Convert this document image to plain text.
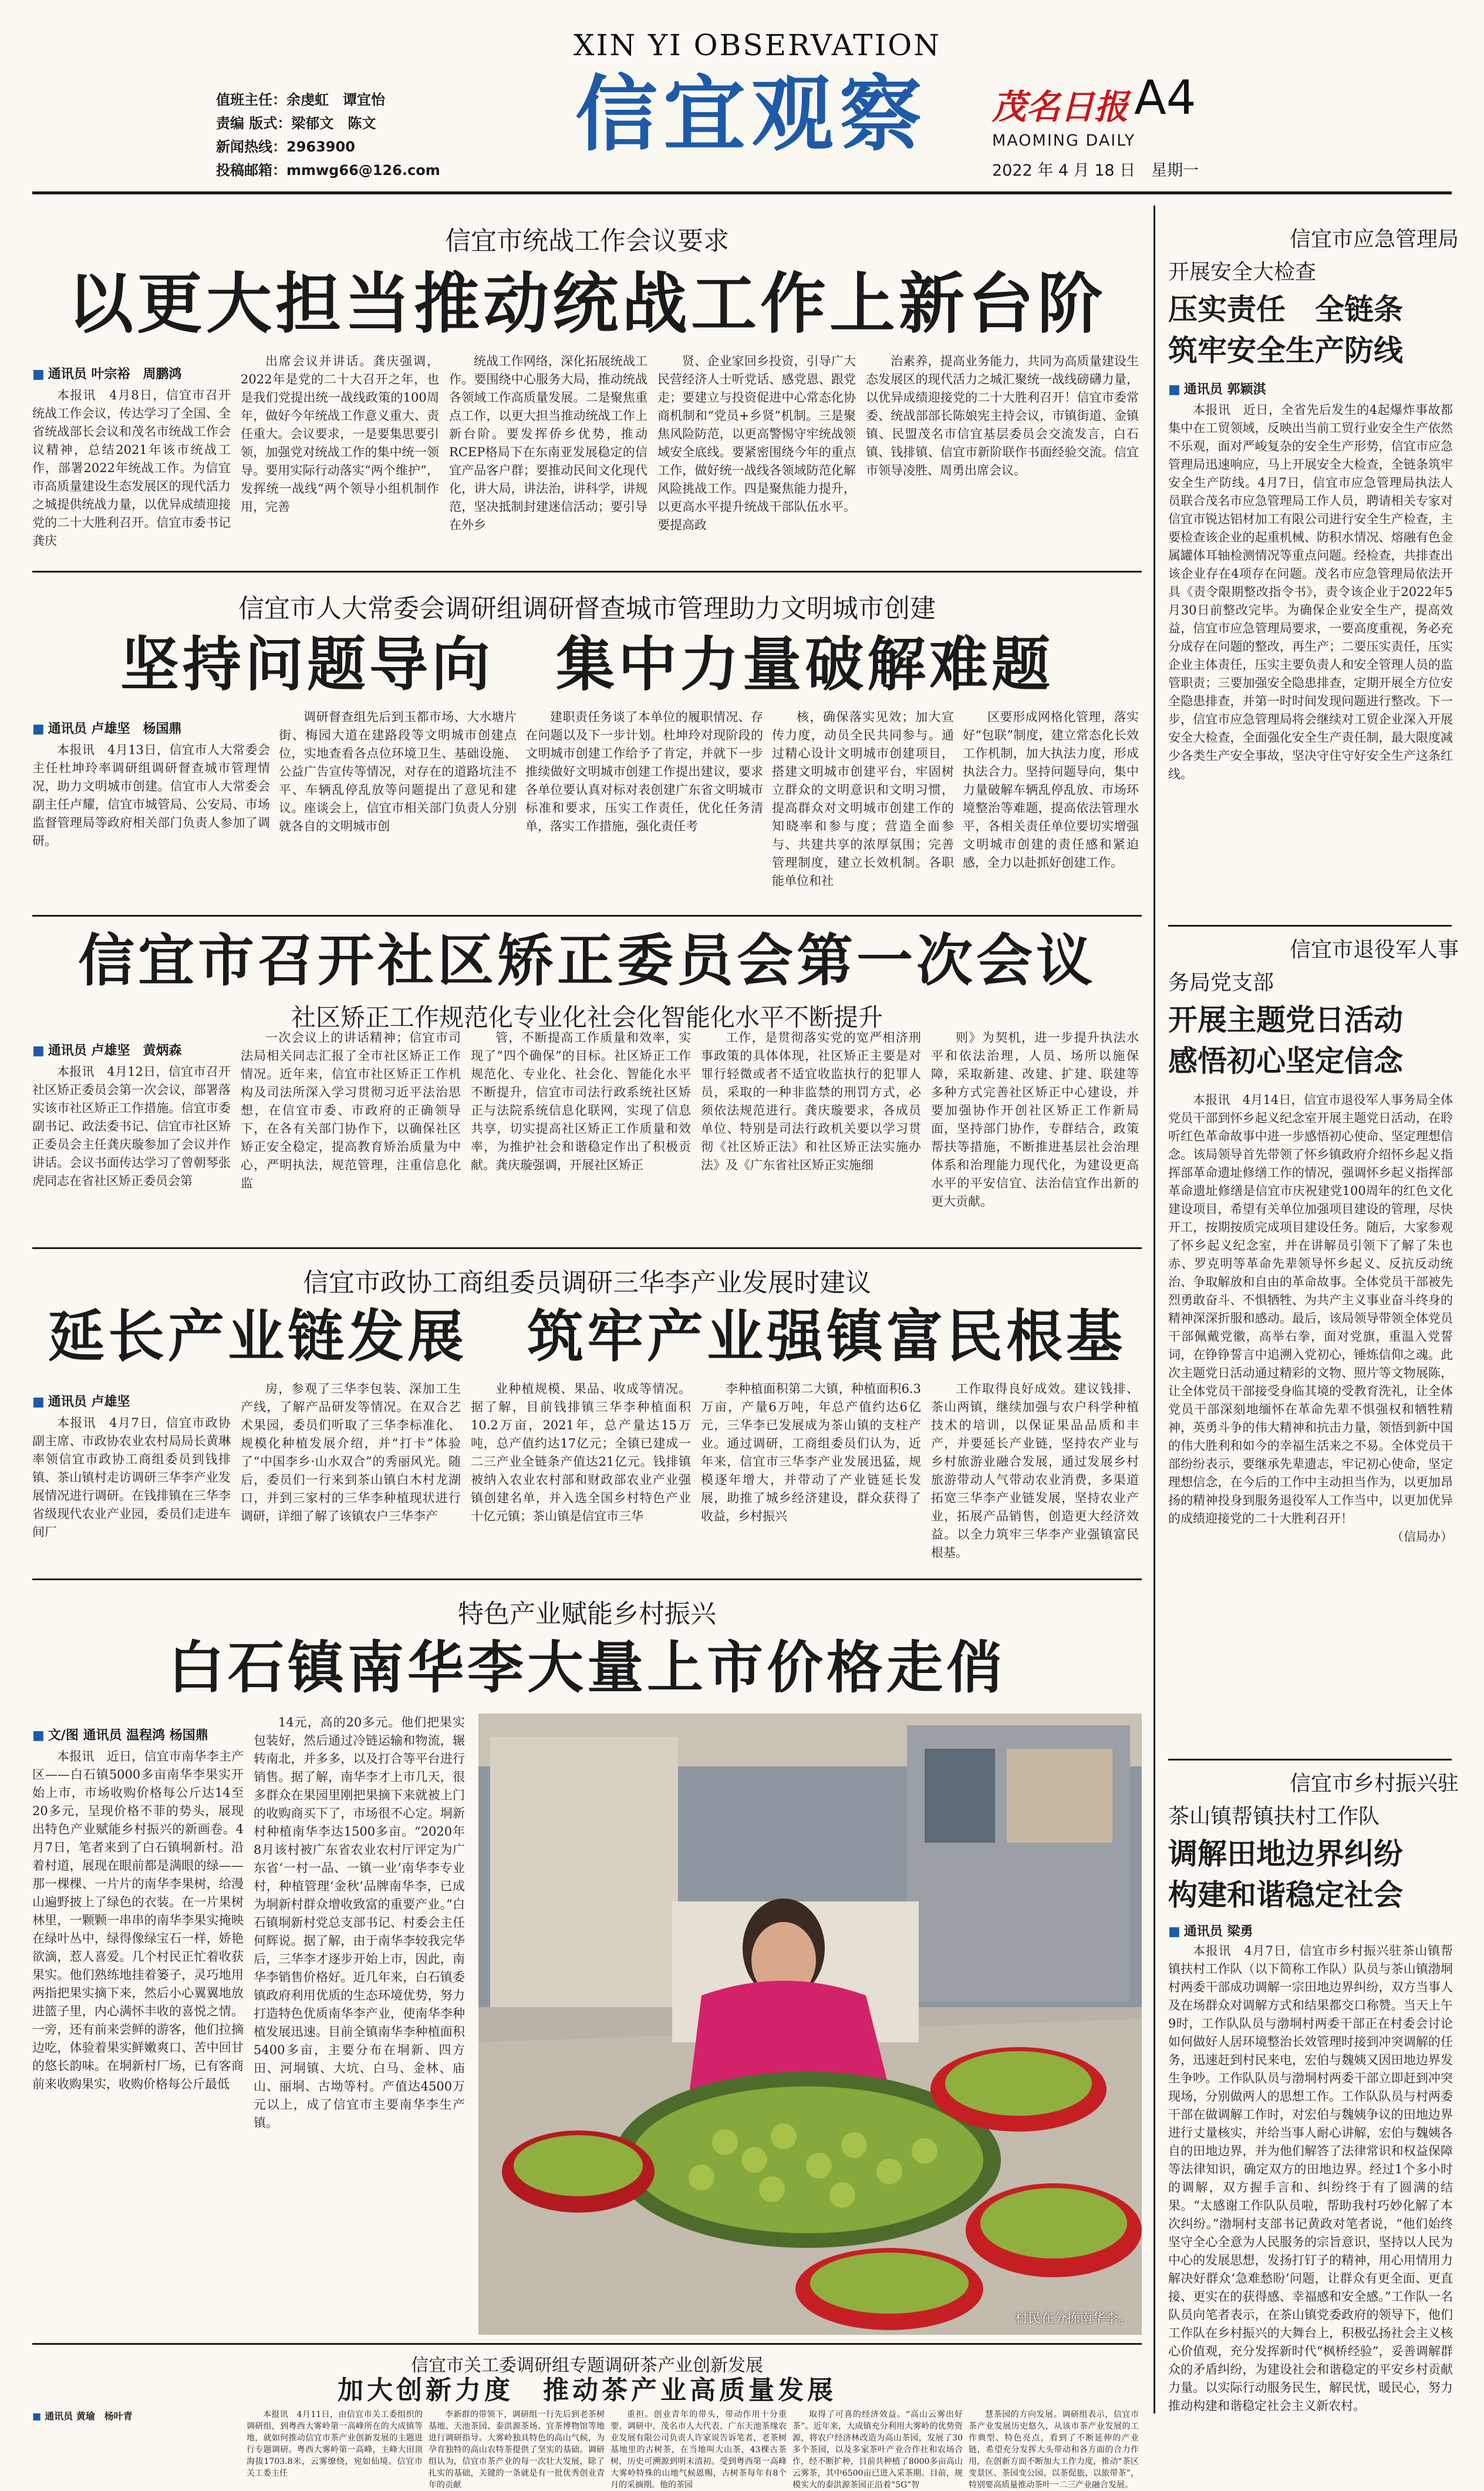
值班主任：余虔虹　谭宜怡
责编 版式：梁郁文　陈文
新闻热线：2963900
投稿邮箱：mmwg66@126.com
XIN YI OBSERVATION
信宜观察	茂名日报 A4
MAOMING DAILY
2022 年 4 月 18 日　星期一
信宜市统战工作会议要求
以更大担当推动统战工作上新台阶
■ 通讯员 叶宗裕　周鹏鸿

本报讯　4月8日，信宜市召开统战工作会议，传达学习了全国、全省统战部长会议和茂名市统战工作会议精神，总结2021年该市统战工作，部署2022年统战工作。为信宜市高质量建设生态发展区的现代活力之城提供统战力量，以优异成绩迎接党的二十大胜利召开。信宜市委书记龚庆

出席会议并讲话。龚庆强调，2022年是党的二十大召开之年，也是我们党提出统一战线政策的100周年，做好今年统战工作意义重大、责任重大。会议要求，一是要集思要引领，加强党对统战工作的集中统一领导。要用实际行动落实“两个维护”，发挥统一战线“两个领导小组机制作用，完善

统战工作网络，深化拓展统战工作。要围绕中心服务大局，推动统战各领域工作高质量发展。二是聚焦重点工作，以更大担当推动统战工作上新台阶。要发挥侨乡优势，推动RCEP格局下在东南亚发展稳定的信宜产品客户群；要推动民间文化现代化，讲大局，讲法治，讲科学，讲规范，坚决抵制封建迷信活动；要引导在外乡

贤、企业家回乡投资，引导广大民营经济人士听党话、感党恩、跟党走；要建立与投资促进中心常态化协商机制和“党员+乡贤”机制。三是聚焦风险防范，以更高警惕守牢统战领域安全底线。要紧密围绕今年的重点工作，做好统一战线各领域防范化解风险挑战工作。四是聚焦能力提升，以更高水平提升统战干部队伍水平。要提高政

治素养，提高业务能力，共同为高质量建设生态发展区的现代活力之城汇聚统一战线磅礴力量，以优异成绩迎接党的二十大胜利召开！信宜市委常委、统战部部长陈娘宪主持会议，市镇街道、金镇镇、民盟茂名市信宜基层委员会交流发言，白石镇、钱排镇、信宜市新阶联作书面经验交流。信宜市领导凌胜、周勇出席会议。

信宜市人大常委会调研组调研督查城市管理助力文明城市创建
坚持问题导向　集中力量破解难题
■ 通讯员 卢雄坚　杨国鼎

本报讯　4月13日，信宜市人大常委会主任杜坤玲率调研组调研督查城市管理情况，助力文明城市创建。信宜市人大常委会副主任卢耀，信宜市城管局、公安局、市场监督管理局等政府相关部门负责人参加了调研。

调研督查组先后到玉都市场、大水塘片街、梅园大道在建路段等文明城市创建点位，实地查看各点位环境卫生、基础设施、公益广告宣传等情况，对存在的道路坑洼不平、车辆乱停乱放等问题提出了意见和建议。座谈会上，信宜市相关部门负责人分别就各自的文明城市创

建职责任务谈了本单位的履职情况、存在问题以及下一步计划。杜坤玲对现阶段的文明城市创建工作给予了肯定，并就下一步推续做好文明城市创建工作提出建议，要求各单位要认真对标对表创建广东省文明城市标准和要求，压实工作责任，优化任务清单，落实工作措施，强化责任考

核，确保落实见效；加大宣传力度，动员全民共同参与。通过精心设计文明城市创建项目，搭建文明城市创建平台，牢固树立群众的文明意识和文明习惯，提高群众对文明城市创建工作的知晓率和参与度；营造全面参与、共建共享的浓厚氛围；完善管理制度，建立长效机制。各职能单位和社

区要形成网格化管理，落实好“包联”制度，建立常态化长效工作机制，加大执法力度，形成执法合力。坚持问题导向，集中力量破解车辆乱停乱放、市场环境整治等难题，提高依法管理水平，各相关责任单位要切实增强文明城市创建的责任感和紧迫感，全力以赴抓好创建工作。

信宜市召开社区矫正委员会第一次会议
社区矫正工作规范化专业化社会化智能化水平不断提升
■ 通讯员 卢雄坚　黄炳森

本报讯　4月12日，信宜市召开社区矫正委员会第一次会议，部署落实该市社区矫正工作措施。信宜市委副书记、政法委书记、信宜市社区矫正委员会主任龚庆璇参加了会议并作讲话。会议书面传达学习了曾朝琴张虎同志在省社区矫正委员会第

一次会议上的讲话精神；信宜市司法局相关同志汇报了全市社区矫正工作情况。近年来，信宜市社区矫正工作机构及司法所深入学习贯彻习近平法治思想，在信宜市委、市政府的正确领导下，在各有关部门协作下，以确保社区矫正安全稳定，提高教育矫治质量为中心，严明执法，规范管理，注重信息化监

管，不断提高工作质量和效率，实现了“四个确保”的目标。社区矫正工作规范化、专业化、社会化、智能化水平不断提升，信宜市司法行政系统社区矫正与法院系统信息化联网，实现了信息共享，切实提高社区矫正工作质量和效率，为推护社会和谐稳定作出了积极贡献。龚庆璇强调，开展社区矫正

工作，是贯彻落实党的宽严相济刑事政策的具体体现，社区矫正主要是对罪行轻微或者不适宜收监执行的犯罪人员，采取的一种非监禁的刑罚方式，必须依法规范进行。龚庆璇要求，各成员单位、特别是司法行政机关要以学习贯彻《社区矫正法》和社区矫正法实施办法》及《广东省社区矫正实施细

则》为契机，进一步提升执法水平和依法治理，人员、场所以施保障，采取新建、改建、扩建、联建等多种方式完善社区矫正中心建设，并要加强协作开创社区矫正工作新局面，坚持部门协作，专群结合，政策帮扶等措施，不断推进基层社会治理体系和治理能力现代化，为建设更高水平的平安信宜、法治信宜作出新的更大贡献。

信宜市政协工商组委员调研三华李产业发展时建议
延长产业链发展　筑牢产业强镇富民根基
■ 通讯员 卢雄坚

本报讯　4月7日，信宜市政协副主席、市政协农业农村局局长黄琳率领信宜市政协工商组委员到钱排镇、茶山镇村走访调研三华李产业发展情况进行调研。在钱排镇在三华李省级现代农业产业园，委员们走进车间厂

房，参观了三华李包装、深加工生产线，了解产品研发等情况。在双合艺术果园，委员们听取了三华李标准化、规模化种植发展介绍，并“打卡”体验了“中国李乡·山水双合”的秀丽风光。随后，委员们一行来到茶山镇白木村龙湖口，并到三家村的三华李种植现状进行调研，详细了解了该镇农户三华李产

业种植规模、果品、收成等情况。据了解，目前钱排镇三华李种植面积10.2万亩，2021年，总产量达15万吨，总产值约达17亿元；全镇已建成一二三产业全链条产值达21亿元。钱排镇被纳入农业农村部和财政部农业产业强镇创建名单，并入选全国乡村特色产业十亿元镇；茶山镇是信宜市三华

李种植面积第二大镇，种植面积6.3万亩，产量6万吨，年总产值约达6亿元，三华李已发展成为茶山镇的支柱产业。通过调研，工商组委员们认为，近年来，信宜市三华李产业发展迅猛，规模逐年增大，并带动了产业链延长发展，助推了城乡经济建设，群众获得了收益，乡村振兴

工作取得良好成效。建议钱排、茶山两镇，继续加强与农户科学种植技术的培训，以保证果品品质和丰产，并要延长产业链，坚持农产业与乡村旅游业融合发展，通过发展乡村旅游带动人气带动农业消费，多渠道拓宽三华李产业链发展，坚持农业产业，拓展产品销售，创造更大经济效益。以全力筑牢三华李产业强镇富民根基。

特色产业赋能乡村振兴
白石镇南华李大量上市价格走俏
■ 文/图 通讯员 温程鸿 杨国鼎

本报讯　近日，信宜市南华李主产区——白石镇5000多亩南华李果实开始上市，市场收购价格每公斤达14至20多元，呈现价格不菲的势头，展现出特色产业赋能乡村振兴的新画卷。4月7日，笔者来到了白石镇垌新村。沿着村道，展现在眼前都是满眼的绿——那一棵棵、一片片的南华李果树，给漫山遍野披上了绿色的衣装。在一片果树林里，一颗颗一串串的南华李果实掩映在绿叶丛中，绿得像绿宝石一样，娇艳欲滴，惹人喜爱。几个村民正忙着收获果实。他们熟练地挂着篓子，灵巧地用两指把果实摘下来，然后小心翼翼地放进篮子里，内心满怀丰收的喜悦之情。一旁，还有前来尝鲜的游客，他们拉摘边吃，体验着果实鲜嫩爽口、苦中回甘的悠长韵味。在垌新村厂场，已有客商前来收购果实，收购价格每公斤最低

14元，高的20多元。他们把果实包装好，然后通过冷链运输和物流，辗转南北，并多多，以及打合等平台进行销售。据了解，南华李才上市几天，很多群众在果园里刚把果摘下来就被上门的收购商买下了，市场很不心定。垌新村种植南华李达1500多亩。“2020年8月该村被广东省农业农村厅评定为广东省‘一村一品、一镇一业’南华李专业村，种植管理‘金秋’品牌南华李，已成为垌新村群众增收致富的重要产业。”白石镇垌新村党总支部书记、村委会主任何辉说。据了解，由于南华李较我完华后，三华李才逐步开始上市，因此，南华李销售价格好。近几年来，白石镇委镇政府利用优质的生态环境优势，努力打造特色优质南华李产业，使南华李种植发展迅速。目前全镇南华李种植面积5400多亩，主要分布在垌新、四方田、河垌镇、大坑、白马、金林、庙山、丽垌、古坳等村。产值达4500万元以上，成了信宜市主要南华李生产镇。

村民在分拣南华李。
信宜市关工委调研组专题调研茶产业创新发展
加大创新力度　推动茶产业高质量发展
■ 通讯员 黄瑜　杨叶青	本报讯　4月11日，由信宜市关工委组织的调研组，到粤西大雾岭第一高峰所在的大成镇等地，就如何推动信宜市茶产业创新发展的主题进行专题调研。粤西大雾岭第一高峰，主峰大田顶海拔1703.8米，云雾缭绕，宛如仙境。信宜市关工委主任

李新群的带领下，调研组一行先后到老茶树基地、天池茶园、泰洪源茶场、宜茶博物馆等地进行调研指导。大雾岭独具特色的高山气候，为孕育独特的高山农特茶提供了坚实的基础。调研组认为，信宜市茶产业的每一次壮大发展，除了扎实的基础，关键的一条就是有一批优秀创业青年的贡献

重担。创业青年的带头，带动作用十分重要。调研中，茂名市人大代表、广东天池茶缘农业发展有限公司负责人许家说告诉笔者，老茶树基地里的古树茶，在当地叫大山茶，43棵古茶树，历史可溯源到明末清初。受到粤西第一高峰大雾岭特殊的山地气候恩赐，古树茶每年有8个月的采摘期。他的茶园

取得了可喜的经济效益。“高山云雾出好茶”。近年来，大成镇充分利用大雾岭的优势资源，将农户经济林改造为高山茶园，发展了30多个茶园，以及多家茶叶产业合作社和农场合作，经不断扩种，目前共种植了8000多亩高山云雾茶，其中6500亩已进入采茶期。目前，规模实大的泰洪源茶园正沿着“5G”智

慧茶园的方向发展。调研组表示，信宜市茶产业发展历史悠久，从该市茶产业发展的工作典型、特色亮点，看到了不断延伸的产业链，希望充分发挥大头带动和各方面的合力作用，在创新方面不断加大工作力度，推动“茶区变景区、茶园变公园、以茶促旅、以旅带茶”，特别要高质量推动茶叶一二三产业融合发展。

信宜市应急管理局
开展安全大检查
压实责任　全链条
筑牢安全生产防线
■ 通讯员 郭颖淇

本报讯　近日，全省先后发生的4起爆炸事故都集中在工贸领域，反映出当前工贸行业安全生产依然不乐观，面对严峻复杂的安全生产形势，信宜市应急管理局迅速响应，马上开展安全大检查，全链条筑牢安全生产防线。4月7日，信宜市应急管理局执法人员联合茂名市应急管理局工作人员，聘请相关专家对信宜市锐达铝材加工有限公司进行安全生产检查，主要检查该企业的起重机械、防积水情况、熔融有色金属罐体耳轴检测情况等重点问题。经检查，共排查出该企业存在4项存在问题。茂名市应急管理局依法开具《责令限期整改指令书》，责令该企业于2022年5月30日前整改完毕。为确保企业安全生产，提高效益，信宜市应急管理局要求，一要高度重视，务必充分成存在问题的整改，再生产；二要压实责任，压实企业主体责任，压实主要负责人和安全管理人员的监管职责；三要加强安全隐患排查，定期开展全方位安全隐患排查，并第一时时间发现问题进行整改。下一步，信宜市应急管理局将会继续对工贸企业深入开展安全大检查，全面强化安全生产责任制，最大限度减少各类生产安全事故，坚决守住守好安全生产这条红线。

信宜市退役军人事
务局党支部
开展主题党日活动
感悟初心坚定信念

本报讯　4月14日，信宜市退役军人事务局全体党员干部到怀乡起义纪念室开展主题党日活动，在聆听红色革命故事中进一步感悟初心使命、坚定理想信念。该局领导首先带领了怀乡镇政府介绍怀乡起义指挥部革命遗址修缮工作的情况，强调怀乡起义指挥部革命遗址修缮是信宜市庆祝建党100周年的红色文化建设项目，希望有关单位加强项目建设的管理，尽快开工，按期按质完成项目建设任务。随后，大家参观了怀乡起义纪念室，并在讲解员引领下了解了朱也赤、罗克明等革命先辈领导怀乡起义、反抗反动统治、争取解放和自由的革命故事。全体党员干部被先烈勇敢奋斗、不惧牺牲、为共产主义事业奋斗终身的精神深深折服和感动。最后，该局领导带领全体党员干部佩戴党徽，高举右拳，面对党旗，重温入党誓词，在铮铮誓言中追溯入党初心，锤炼信仰之魂。此次主题党日活动通过精彩的文物、照片等文物展陈，让全体党员干部接受身临其境的受教育洗礼，让全体党员干部深刻地缅怀在革命先辈不惧强权和牺牲精神，英勇斗争的伟大精神和抗击力量，领悟到新中国的伟大胜利和如今的幸福生活来之不易。全体党员干部纷纷表示，要继承先辈遗志，牢记初心使命，坚定理想信念，在今后的工作中主动担当作为，以更加昂扬的精神投身到服务退役军人工作当中，以更加优异的成绩迎接党的二十大胜利召开！

（信局办）
信宜市乡村振兴驻
茶山镇帮镇扶村工作队
调解田地边界纠纷
构建和谐稳定社会
■ 通讯员 梁勇

本报讯　4月7日，信宜市乡村振兴驻茶山镇帮镇扶村工作队（以下简称工作队）队员与茶山镇渤垌村两委干部成功调解一宗田地边界纠纷，双方当事人及在场群众对调解方式和结果都交口称赞。当天上午9时，工作队队员与渤垌村两委干部正在村委会讨论如何做好人居环境整治长效管理时接到冲突调解的任务，迅速赶到村民来电，宏伯与魏姨又因田地边界发生争吵。工作队队员与渤垌村两委干部立即赶到冲突现场，分别做两人的思想工作。工作队队员与村两委干部在做调解工作时，对宏伯与魏姨争议的田地边界进行丈量核实，并给当事人耐心讲解，宏伯与魏姨各自的田地边界，并为他们解答了法律常识和权益保障等法律知识，确定双方的田地边界。经过1个多小时的调解，双方握手言和、纠纷终于有了圆满的结果。“太感谢工作队队员啦，帮助我村巧妙化解了本次纠纷。”渤垌村支部书记黄政对笔者说，“他们始终坚守全心全意为人民服务的宗旨意识，坚持以人民为中心的发展思想，发扬打钉子的精神，用心用情用力解决好群众‘急难愁盼’问题，让群众有更全面、更直接、更实在的获得感、幸福感和安全感。”工作队一名队员向笔者表示，在茶山镇党委政府的领导下，他们工作队在乡村振兴的大舞台上，积极弘扬社会主义核心价值观，充分发挥新时代“枫桥经验”，妥善调解群众的矛盾纠纷，为建设社会和谐稳定的平安乡村贡献力量。以实际行动服务民生，解民忧，暖民心，努力推动构建和谐稳定社会主义新农村。
